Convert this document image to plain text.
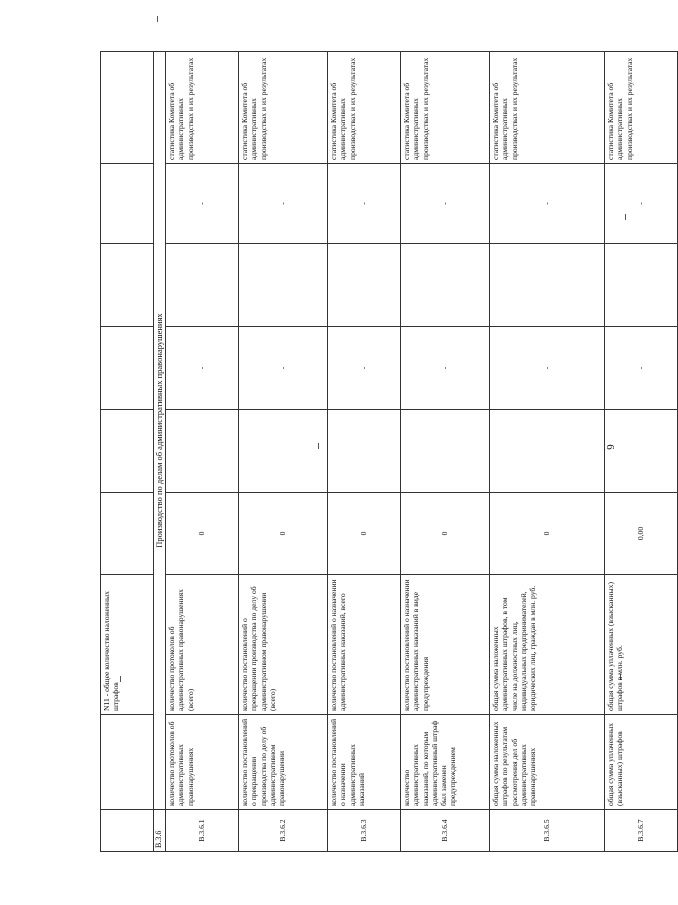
6
		N11 - общее количество наложенных штрафов						
В.3.6	Производство по делам об административных правонарушениях							
В.3.6.1	количество протоколов об административных правонарушениях	количество протоколов об административных правонарушениях (всего)	0		-		-	статистика Комитета об административных производствах и их результатах
В.3.6.2	количество постановлений о прекращении производства по делу об административном правонарушении	количество постановлений о прекращении производства по делу об административном правонарушении (всего)	0		-		-	статистика Комитета об административных производствах и их результатах
В.3.6.3	количество постановлений о назначении административных наказаний	количество постановлений о назначении административных наказаний, всего	0		-		-	статистика Комитета об административных производствах и их результатах
В.3.6.4	количество административных наказаний, по которым административный штраф был заменен предупреждением	количество постановлений о назначении административных наказаний в виде предупреждения	0		-		-	статистика Комитета об административных производствах и их результатах
В.3.6.5	общая сумма наложенных штрафов по результатам рассмотрения дел об административных правонарушениях	общая сумма наложенных административных штрафов, в том числе на должностных лиц, индивидуальных предпринимателей, юридических лиц, граждан в млн. руб.	0		-		-	статистика Комитета об административных производствах и их результатах
В.3.6.7	общая сумма уплаченных (взысканных) штрафов	общая сумма уплаченных (взысканных) штрафов в млн. руб.	0,00		-		-	статистика Комитета об административных производствах и их результатах
